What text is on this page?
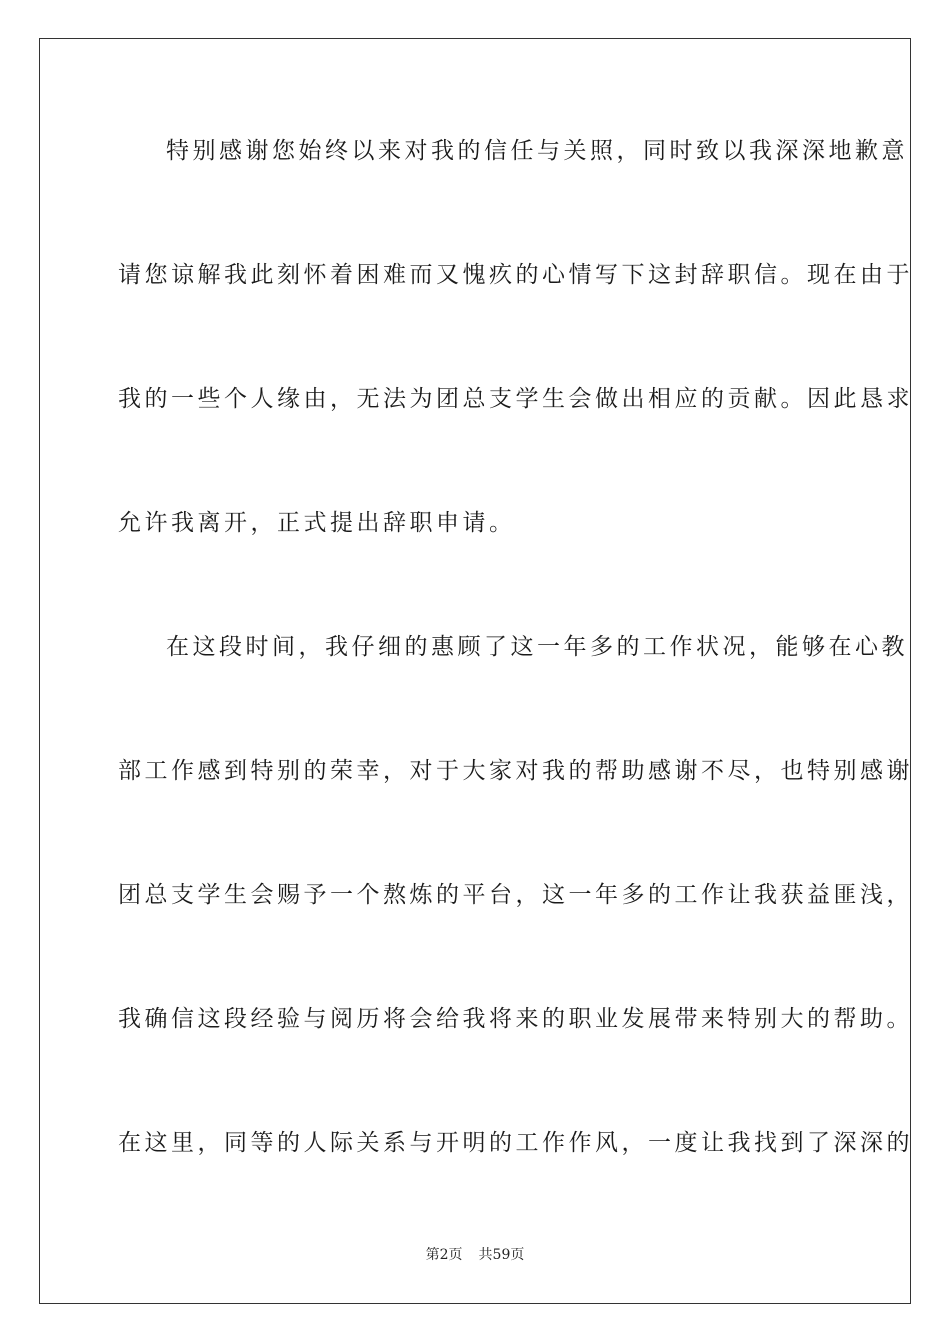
特别感谢您始终以来对我的信任与关照，同时致以我深深地歉意
请您谅解我此刻怀着困难而又愧疚的心情写下这封辞职信。现在由于
我的一些个人缘由，无法为团总支学生会做出相应的贡献。因此恳求
允许我离开，正式提出辞职申请。
在这段时间，我仔细的惠顾了这一年多的工作状况，能够在心教
部工作感到特别的荣幸，对于大家对我的帮助感谢不尽，也特别感谢
团总支学生会赐予一个熬炼的平台，这一年多的工作让我获益匪浅，
我确信这段经验与阅历将会给我将来的职业发展带来特别大的帮助。
在这里，同等的人际关系与开明的工作作风，一度让我找到了深深的
第2页 共59页
